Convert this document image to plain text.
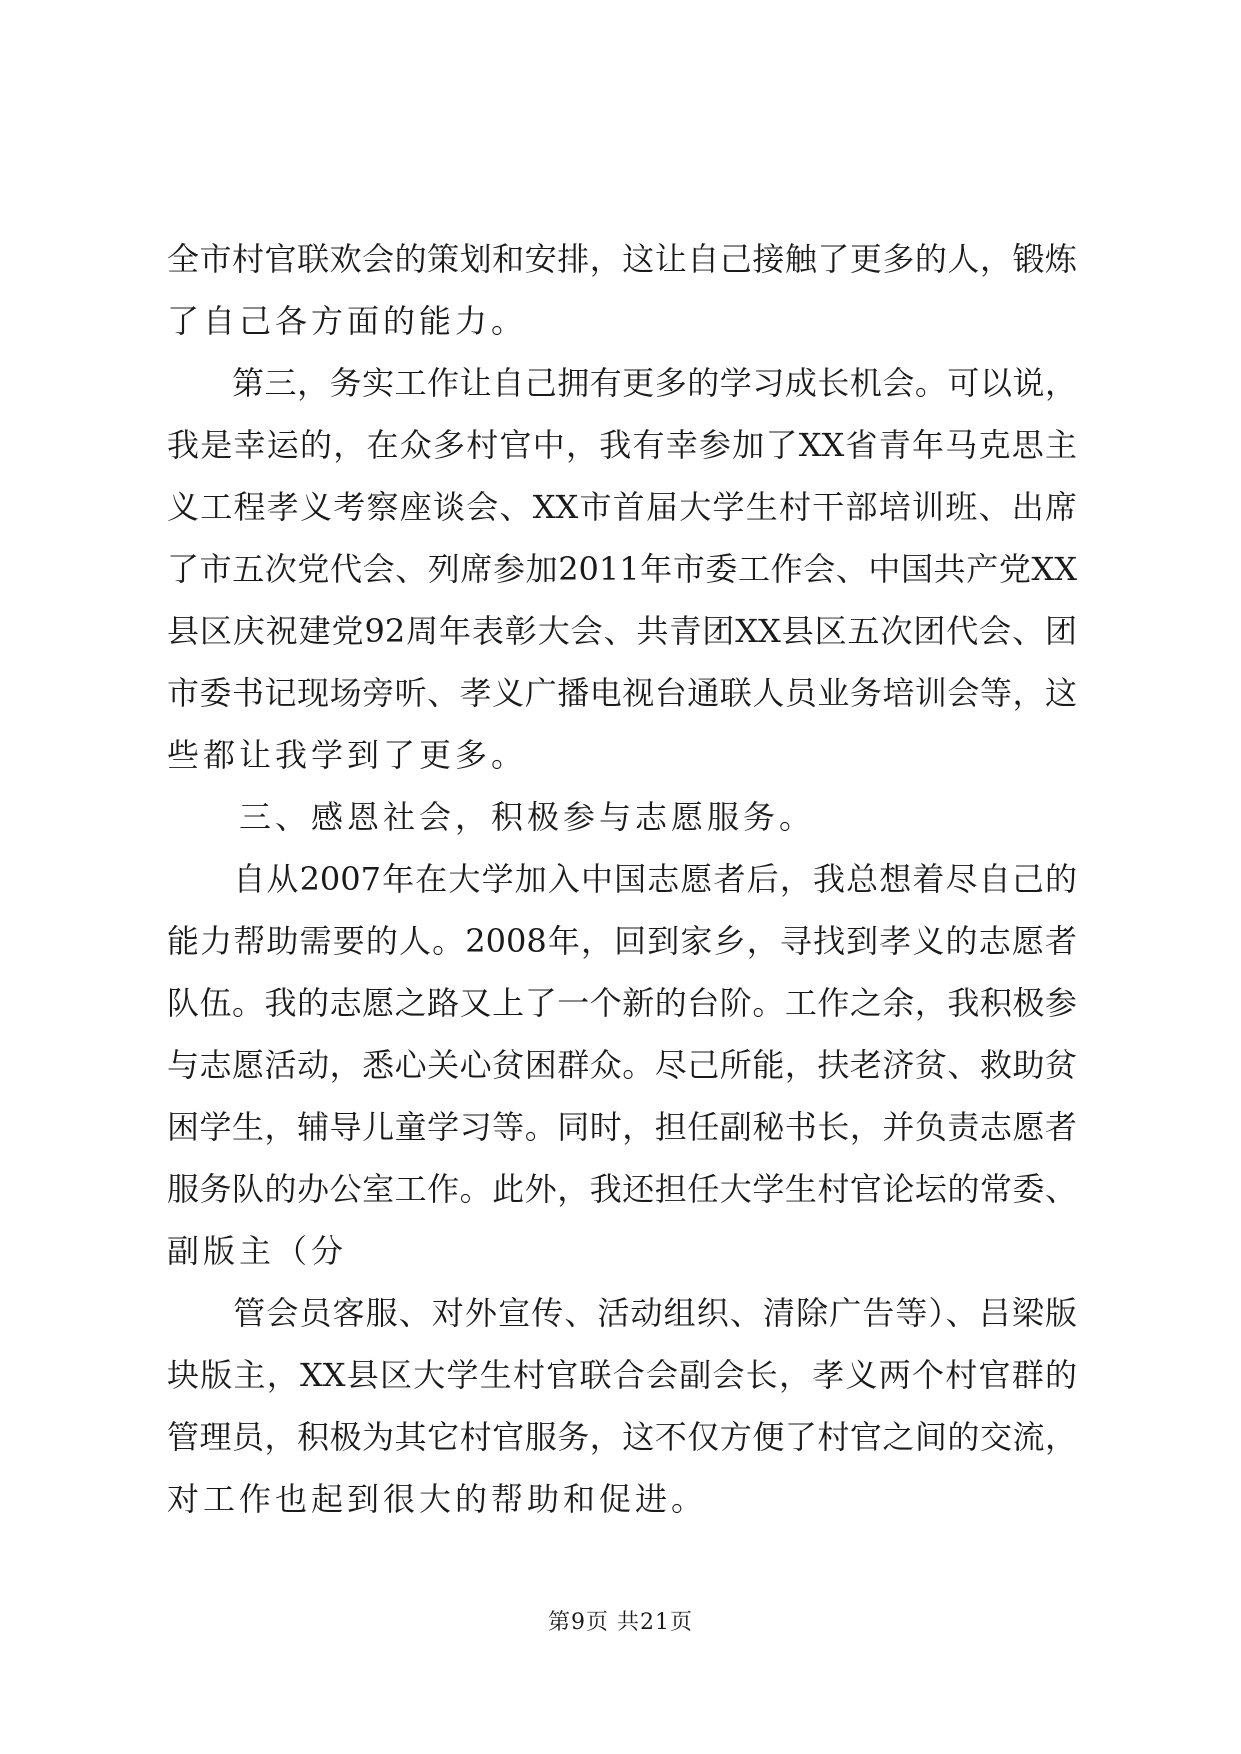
全市村官联欢会的策划和安排，这让自己接触了更多的人，锻炼

了自己各方面的能力。

　　第三，务实工作让自己拥有更多的学习成长机会。可以说，

我是幸运的，在众多村官中，我有幸参加了XX省青年马克思主

义工程孝义考察座谈会、XX市首届大学生村干部培训班、出席

了市五次党代会、列席参加2011年市委工作会、中国共产党XX

县区庆祝建党92周年表彰大会、共青团XX县区五次团代会、团

市委书记现场旁听、孝义广播电视台通联人员业务培训会等，这

些都让我学到了更多。

　　三、感恩社会，积极参与志愿服务。

　　自从2007年在大学加入中国志愿者后，我总想着尽自己的

能力帮助需要的人。2008年，回到家乡，寻找到孝义的志愿者

队伍。我的志愿之路又上了一个新的台阶。工作之余，我积极参

与志愿活动，悉心关心贫困群众。尽己所能，扶老济贫、救助贫

困学生，辅导儿童学习等。同时，担任副秘书长，并负责志愿者

服务队的办公室工作。此外，我还担任大学生村官论坛的常委、

副版主（分

　　管会员客服、对外宣传、活动组织、清除广告等）、吕梁版

块版主，XX县区大学生村官联合会副会长，孝义两个村官群的

管理员，积极为其它村官服务，这不仅方便了村官之间的交流，

对工作也起到很大的帮助和促进。

第9页 共21页
